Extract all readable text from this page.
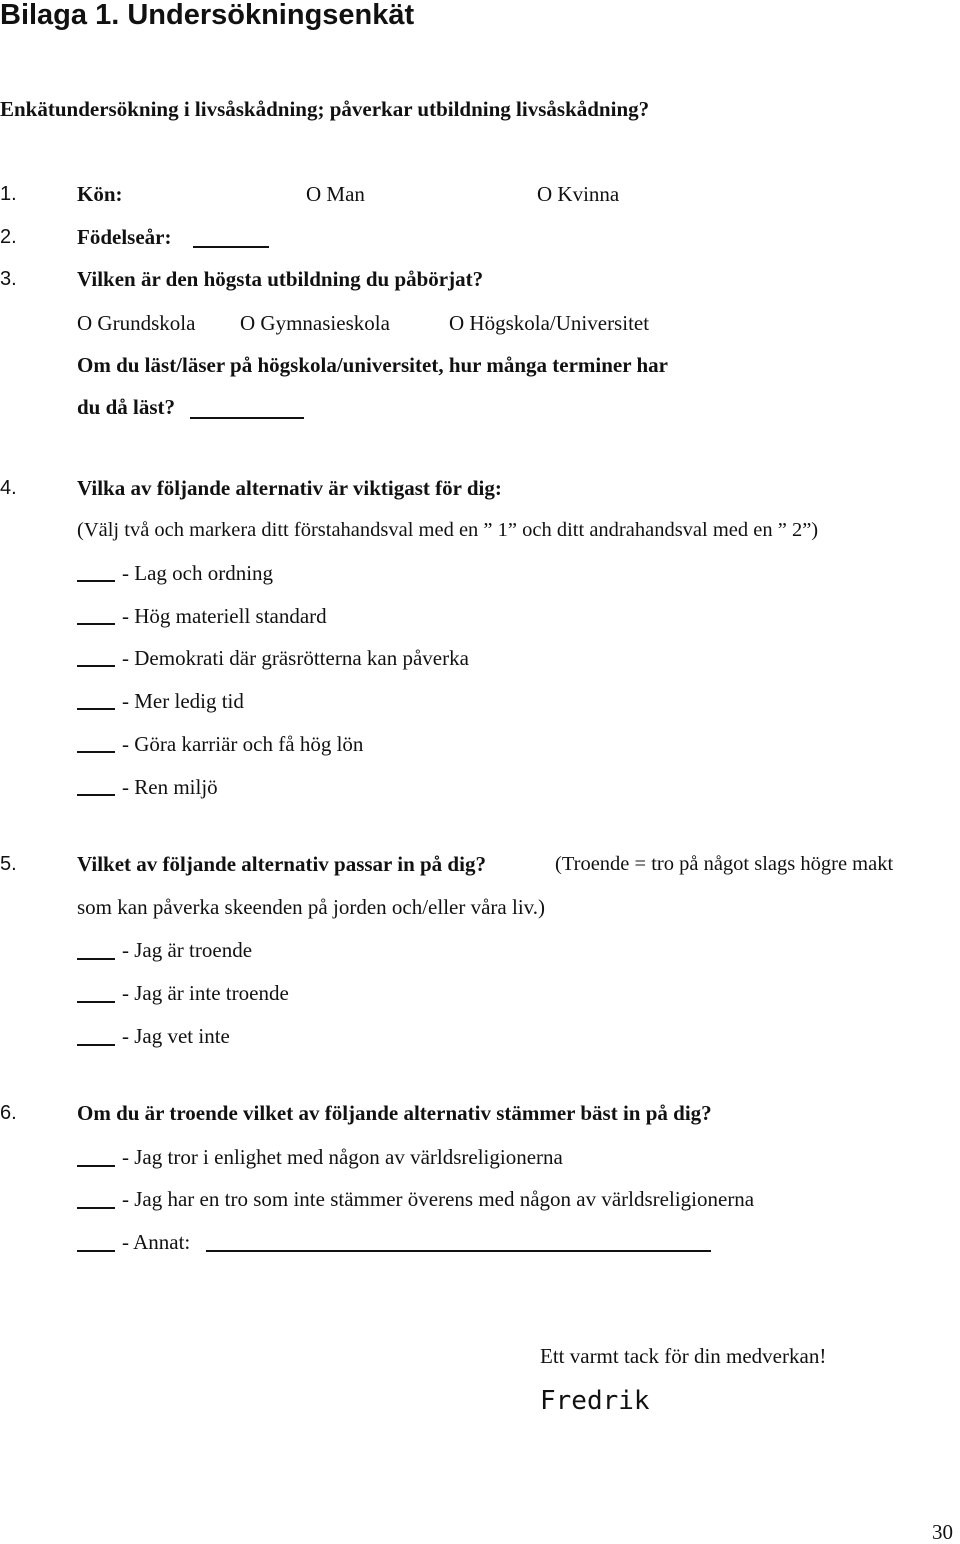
Bilaga 1. Undersökningsenkät
Enkätundersökning i livsåskådning; påverkar utbildning livsåskådning?
1.	Kön:	O Man	O Kvinna
2.	Födelseår:
3.	Vilken är den högsta utbildning du påbörjat?
O Grundskola O Gymnasieskola	O Högskola/Universitet
Om du läst/läser på högskola/universitet, hur många terminer har
du då läst?
4.	Vilka av följande alternativ är viktigast för dig:
(Välj två och markera ditt förstahandsval med en ” 1” och ditt andrahandsval med en ” 2”)
- Lag och ordning
- Hög materiell standard
- Demokrati där gräsrötterna kan påverka
- Mer ledig tid
- Göra karriär och få hög lön
- Ren miljö
5.	Vilket av följande alternativ passar in på dig?	(Troende = tro på något slags högre makt
som kan påverka skeenden på jorden och/eller våra liv.)
- Jag är troende
- Jag är inte troende
- Jag vet inte
6.	Om du är troende vilket av följande alternativ stämmer bäst in på dig?
- Jag tror i enlighet med någon av världsreligionerna
- Jag har en tro som inte stämmer överens med någon av världsreligionerna
- Annat:
Ett varmt tack för din medverkan!
Fredrik
30
